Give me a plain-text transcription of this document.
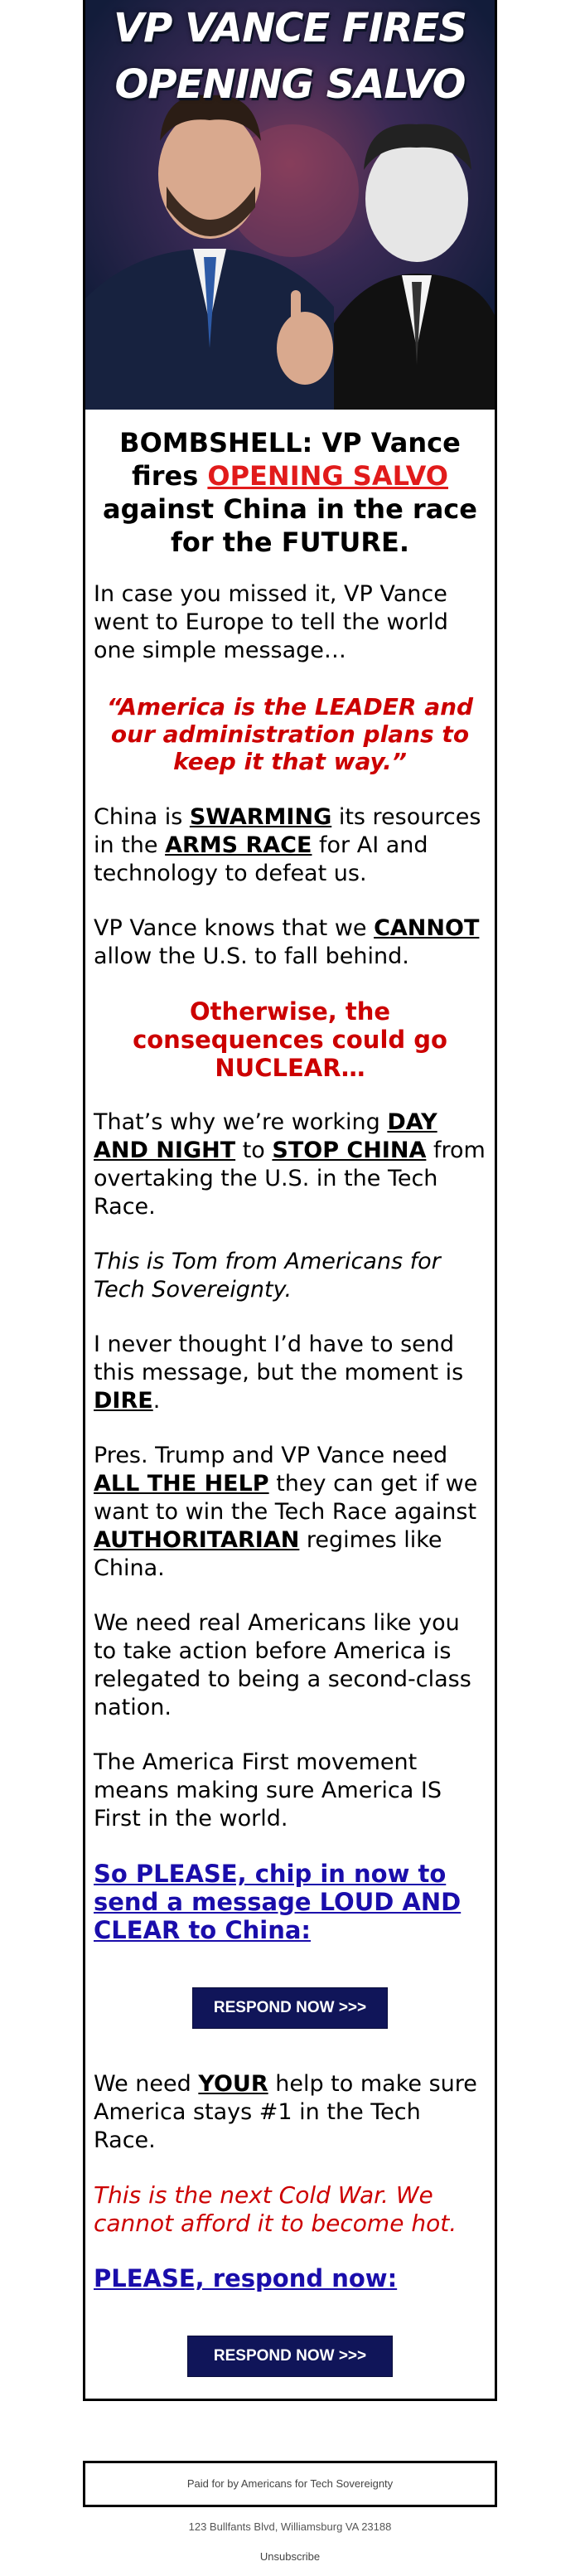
VP VANCE FIRES
OPENING SALVO
BOMBSHELL: VP Vance fires OPENING SALVO against China in the race for the FUTURE.

In case you missed it, VP Vance went to Europe to tell the world one simple message…

“America is the LEADER and our administration plans to keep it that way.”

China is SWARMING its resources in the ARMS RACE for AI and technology to defeat us.

VP Vance knows that we CANNOT allow the U.S. to fall behind.

Otherwise, the consequences could go NUCLEAR…

That’s why we’re working DAY AND NIGHT to STOP CHINA from overtaking the U.S. in the Tech Race.

This is Tom from Americans for Tech Sovereignty.

I never thought I’d have to send this message, but the moment is DIRE.

Pres. Trump and VP Vance need ALL THE HELP they can get if we want to win the Tech Race against AUTHORITARIAN regimes like China.

We need real Americans like you to take action before America is relegated to being a second-class nation.

The America First movement means making sure America IS First in the world.

So PLEASE, chip in now to send a message LOUD AND CLEAR to China:
RESPOND NOW >>>

We need YOUR help to make sure America stays #1 in the Tech Race.

This is the next Cold War. We cannot afford it to become hot.

PLEASE, respond now:
RESPOND NOW >>>
Paid for by Americans for Tech Sovereignty
123 Bullfants Blvd, Williamsburg VA 23188
Unsubscribe
